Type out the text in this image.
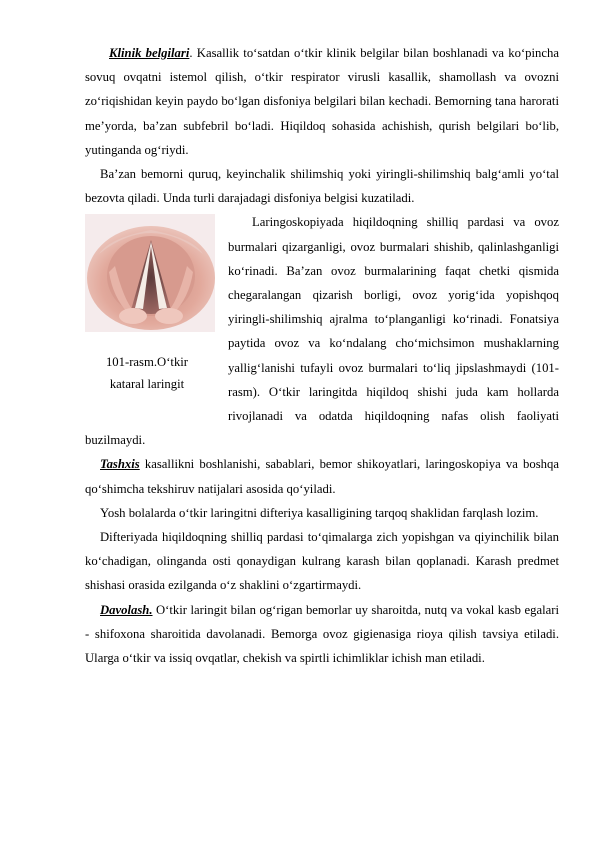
Klinik belgilari. Kasallik to‘satdan o‘tkir klinik belgilar bilan boshlanadi va ko‘pincha sovuq ovqatni istemol qilish, o‘tkir respirator virusli kasallik, shamollash va ovozni zo‘riqishidan keyin paydo bo‘lgan disfoniya belgilari bilan kechadi. Bemorning tana harorati me’yorda, ba’zan subfebril bo‘ladi. Hiqildoq sohasida achishish, qurish belgilari bo‘lib, yutinganda og‘riydi.

Ba’zan bemorni quruq, keyinchalik shilimshiq yoki yiringli-shilimshiq balg‘amli yo‘tal bezovta qiladi. Unda turli darajadagi disfoniya belgisi kuzatiladi.

101-rasm.O‘tkir
kataral laringit

Laringoskopiyada hiqildoqning shilliq pardasi va ovoz burmalari qizarganligi, ovoz burmalari shishib, qalinlashganligi ko‘rinadi. Ba’zan ovoz burmalarining faqat chetki qismida chegaralangan qizarish borligi, ovoz yorig‘ida yopishqoq yiringli-shilimshiq ajralma to‘planganligi ko‘rinadi. Fonatsiya paytida ovoz va ko‘ndalang cho‘michsimon mushaklarning yallig‘lanishi tufayli ovoz burmalari to‘liq jipslashmaydi (101-rasm). O‘tkir laringitda hiqildoq shishi juda kam hollarda rivojlanadi va odatda hiqildoqning nafas olish faoliyati buzilmaydi.

Tashxis kasallikni boshlanishi, sabablari, bemor shikoyatlari, laringoskopiya va boshqa qo‘shimcha tekshiruv natijalari asosida qo‘yiladi.

Yosh bolalarda o‘tkir laringitni difteriya kasalligining tarqoq shaklidan farqlash lozim.

Difteriyada hiqildoqning shilliq pardasi to‘qimalarga zich yopishgan va qiyinchilik bilan ko‘chadigan, olinganda osti qonaydigan kulrang karash bilan qoplanadi. Karash predmet shishasi orasida ezilganda o‘z shaklini o‘zgartirmaydi.

Davolash. O‘tkir laringit bilan og‘rigan bemorlar uy sharoitda, nutq va vokal kasb egalari - shifoxona sharoitida davolanadi. Bemorga ovoz gigienasiga rioya qilish tavsiya etiladi. Ularga o‘tkir va issiq ovqatlar, chekish va spirtli ichimliklar ichish man etiladi.
